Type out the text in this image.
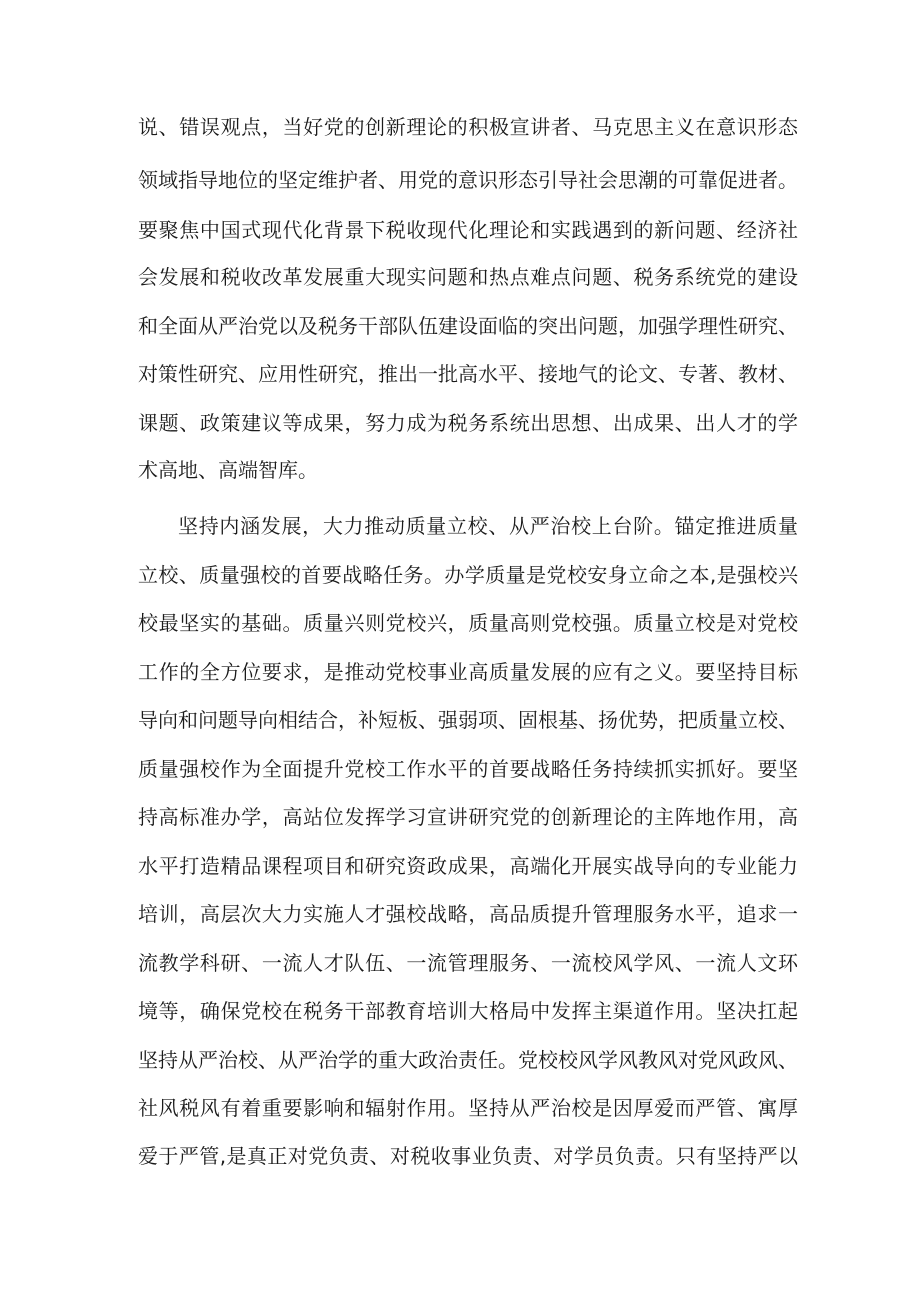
说、错误观点，当好党的创新理论的积极宣讲者、马克思主义在意识形态
领域指导地位的坚定维护者、用党的意识形态引导社会思潮的可靠促进者。
要聚焦中国式现代化背景下税收现代化理论和实践遇到的新问题、经济社
会发展和税收改革发展重大现实问题和热点难点问题、税务系统党的建设
和全面从严治党以及税务干部队伍建设面临的突出问题，加强学理性研究、
对策性研究、应用性研究，推出一批高水平、接地气的论文、专著、教材、
课题、政策建议等成果，努力成为税务系统出思想、出成果、出人才的学
术高地、高端智库。
坚持内涵发展，大力推动质量立校、从严治校上台阶。锚定推进质量
立校、质量强校的首要战略任务。办学质量是党校安身立命之本,是强校兴
校最坚实的基础。质量兴则党校兴，质量高则党校强。质量立校是对党校
工作的全方位要求，是推动党校事业高质量发展的应有之义。要坚持目标
导向和问题导向相结合，补短板、强弱项、固根基、扬优势，把质量立校、
质量强校作为全面提升党校工作水平的首要战略任务持续抓实抓好。要坚
持高标准办学，高站位发挥学习宣讲研究党的创新理论的主阵地作用，高
水平打造精品课程项目和研究资政成果，高端化开展实战导向的专业能力
培训，高层次大力实施人才强校战略，高品质提升管理服务水平，追求一
流教学科研、一流人才队伍、一流管理服务、一流校风学风、一流人文环
境等，确保党校在税务干部教育培训大格局中发挥主渠道作用。坚决扛起
坚持从严治校、从严治学的重大政治责任。党校校风学风教风对党风政风、
社风税风有着重要影响和辐射作用。坚持从严治校是因厚爱而严管、寓厚
爱于严管,是真正对党负责、对税收事业负责、对学员负责。只有坚持严以
